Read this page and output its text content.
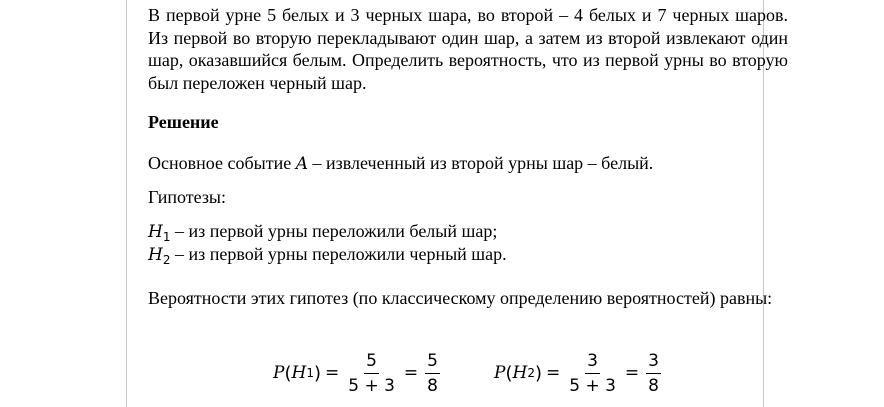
В первой урне 5 белых и 3 черных шара, во второй – 4 белых и 7 черных шаров. Из первой во вторую перекладывают один шар, а затем из второй извлекают один шар, оказавшийся белым. Определить вероятность, что из первой урны во вторую был переложен черный шар.
Решение
Основное событие A – извлеченный из второй урны шар – белый.
Гипотезы:
$H_1$ – из первой урны переложили белый шар;
$H_2$ – из первой урны переложили черный шар.
Вероятности этих гипотез (по классическому определению вероятностей) равны:
P ( H 1 ) = $\frac{5}{5 + 3} = \frac{5}{8}$	P ( H 2 ) = $\frac{3}{5 + 3} = \frac{3}{8}$
